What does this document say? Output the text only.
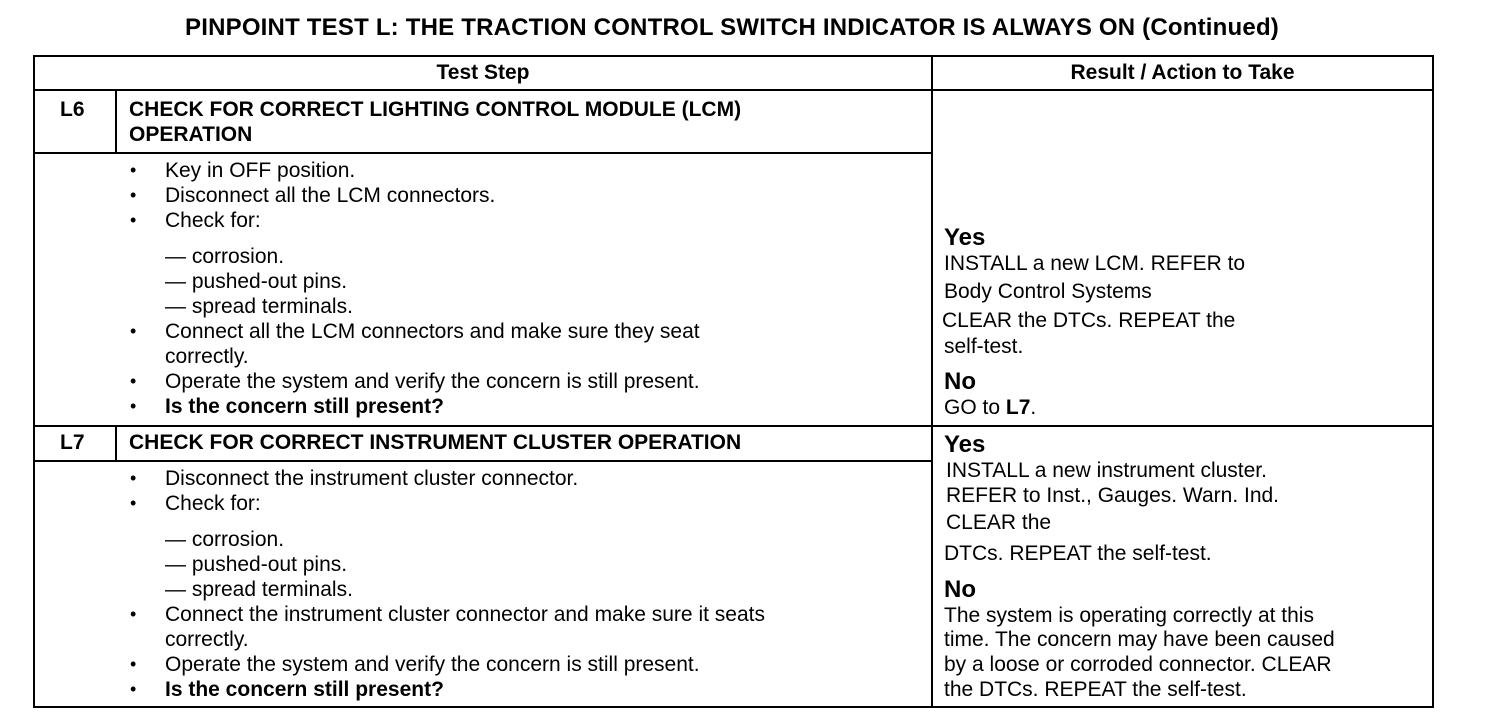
PINPOINT TEST L: THE TRACTION CONTROL SWITCH INDICATOR IS ALWAYS ON (Continued)
Test Step	Result / Action to Take
L6 CHECK FOR CORRECT LIGHTING CONTROL MODULE (LCM)
OPERATION
• Key in OFF position.
• Disconnect all the LCM connectors.
• Check for:
— corrosion.
— pushed-out pins.
— spread terminals.
• Connect all the LCM connectors and make sure they seat
correctly.
• Operate the system and verify the concern is still present.
• Is the concern still present?
Yes
INSTALL a new LCM. REFER to
Body Control Systems
CLEAR the DTCs. REPEAT the
self-test.
No
GO to L7.
L7 CHECK FOR CORRECT INSTRUMENT CLUSTER OPERATION
• Disconnect the instrument cluster connector.
• Check for:
— corrosion.
— pushed-out pins.
— spread terminals.
• Connect the instrument cluster connector and make sure it seats
correctly.
• Operate the system and verify the concern is still present.
• Is the concern still present?
Yes
INSTALL a new instrument cluster.
REFER to Inst., Gauges. Warn. Ind.
CLEAR the
DTCs. REPEAT the self-test.
No
The system is operating correctly at this
time. The concern may have been caused
by a loose or corroded connector. CLEAR
the DTCs. REPEAT the self-test.
